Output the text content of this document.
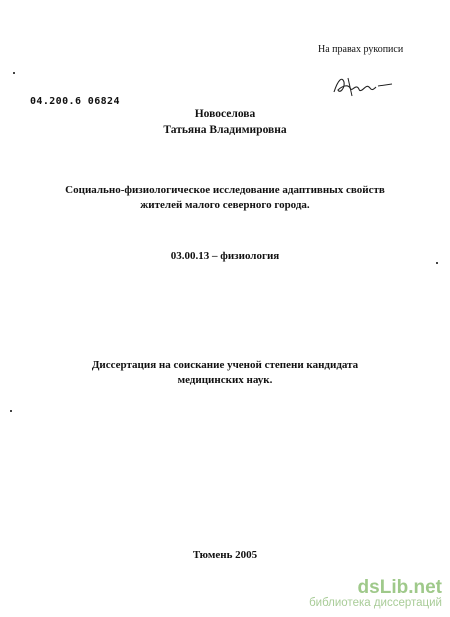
На правах рукописи
04.200.6 06824
Новоселова
Татьяна Владимировна
Социально-физиологическое исследование адаптивных свойств
жителей малого северного города.
03.00.13 – физиология
Диссертация на соискание ученой степени кандидата
медицинских наук.
Тюмень 2005
dsLib.net
библиотека диссертаций
